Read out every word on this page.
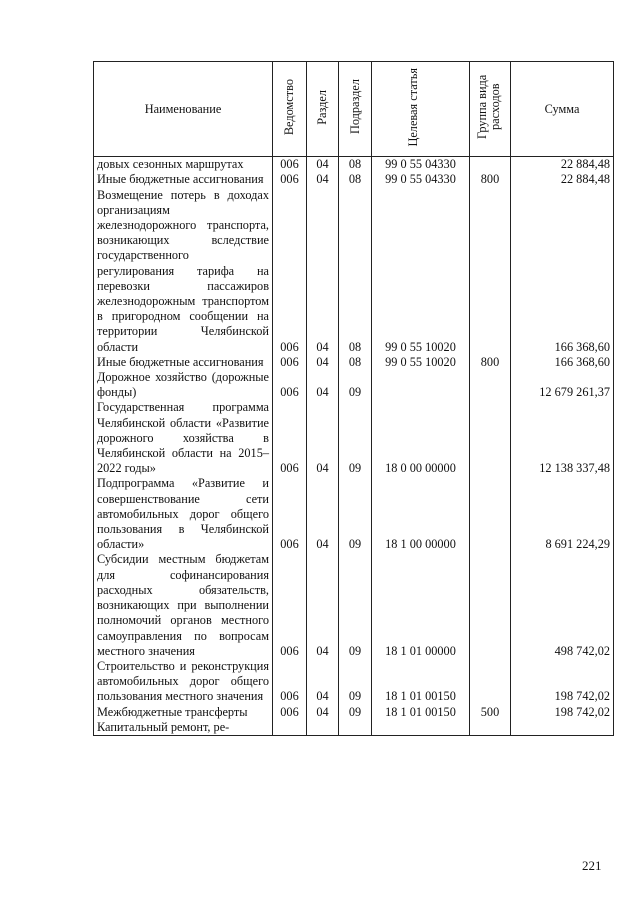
Наименование	Ведомство	Раздел	Подраздел	Целевая статья	Группа вида расходов	Сумма
довых сезонных маршрутах	006	04	08	99 0 55 04330		22 884,48
Иные бюджетные ассигнования	006	04	08	99 0 55 04330	800	22 884,48
Возмещение потерь в доходах организациям железнодорожного транспорта, возникающих вследствие государственного регулирования тарифа на перевозки пассажиров железнодорожным транспортом в пригородном сообщении на территории Челябинской области	006	04	08	99 0 55 10020		166 368,60
Иные бюджетные ассигнования	006	04	08	99 0 55 10020	800	166 368,60
Дорожное хозяйство (дорожные фонды)	006	04	09			12 679 261,37
Государственная программа Челябинской области «Развитие дорожного хозяйства в Челябинской области на 2015–2022 годы»	006	04	09	18 0 00 00000		12 138 337,48
Подпрограмма «Развитие и совершенствование сети автомобильных дорог общего пользования в Челябинской области»	006	04	09	18 1 00 00000		8 691 224,29
Субсидии местным бюджетам для софинансирования расходных обязательств, возникающих при выполнении полномочий органов местного самоуправления по вопросам местного значения	006	04	09	18 1 01 00000		498 742,02
Строительство и реконструкция автомобильных дорог общего пользования местного значения	006	04	09	18 1 01 00150		198 742,02
Межбюджетные трансферты	006	04	09	18 1 01 00150	500	198 742,02
Капитальный ремонт, ре-						
221
